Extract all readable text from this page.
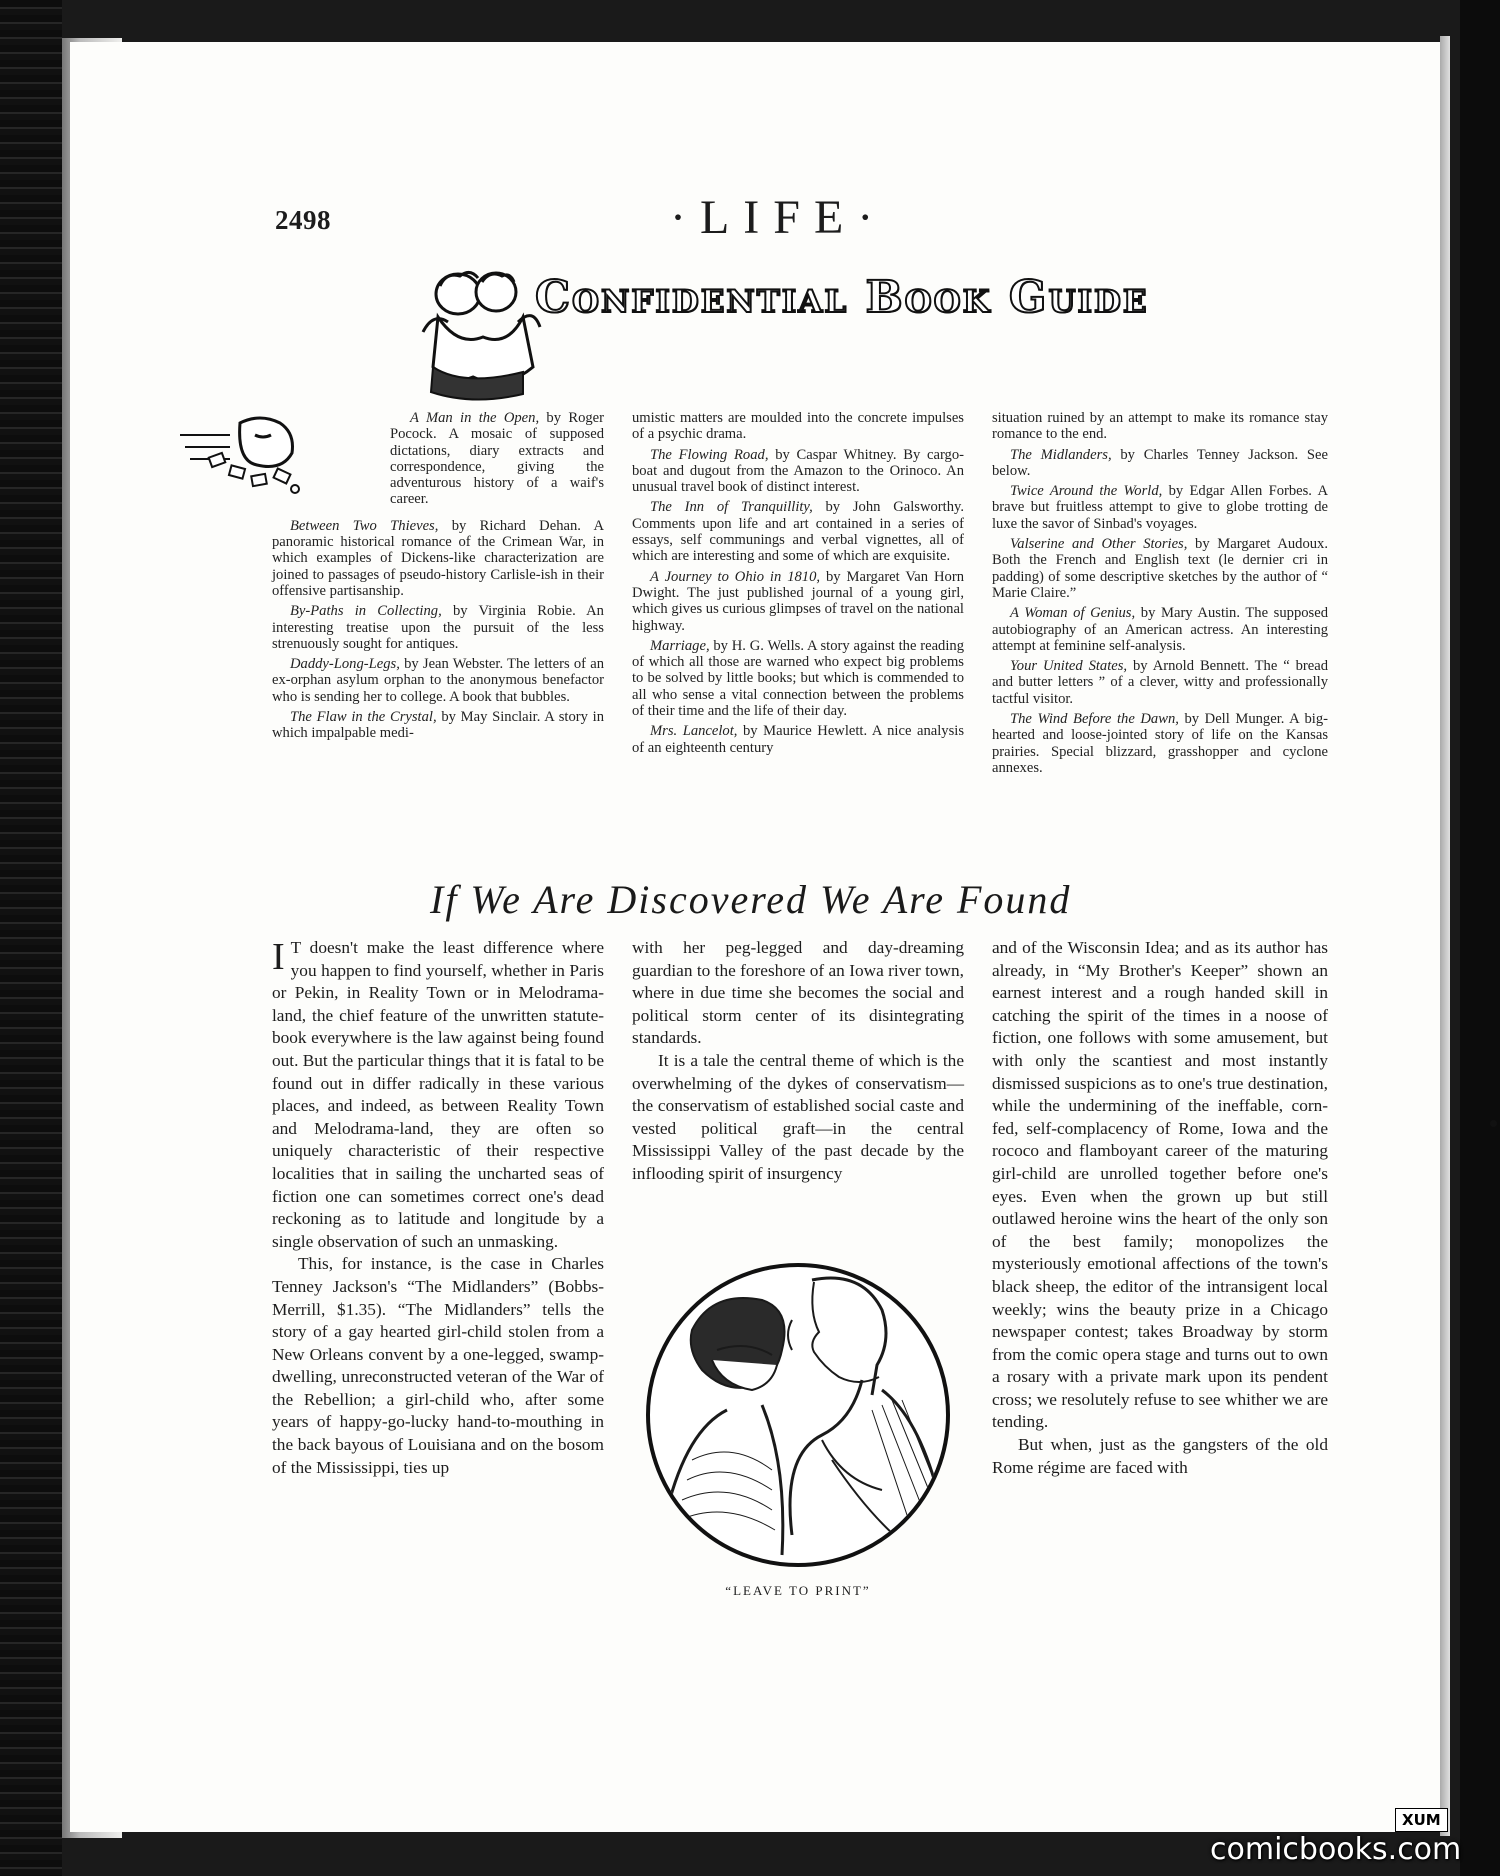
2498	·LIFE·
Confidential Book Guide

A Man in the Open, by Roger Pocock. A mosaic of supposed dictations, diary extracts and correspondence, giving the adventurous history of a waif's career.

Between Two Thieves, by Richard Dehan. A panoramic historical romance of the Crimean War, in which examples of Dickens-like characterization are joined to passages of pseudo-history Carlisle-ish in their offensive partisanship.

By-Paths in Collecting, by Virginia Robie. An interesting treatise upon the pursuit of the less strenuously sought for antiques.

Daddy-Long-Legs, by Jean Webster. The letters of an ex-orphan asylum orphan to the anonymous benefactor who is sending her to college. A book that bubbles.

The Flaw in the Crystal, by May Sinclair. A story in which impalpable medi-

umistic matters are moulded into the concrete impulses of a psychic drama.

The Flowing Road, by Caspar Whitney. By cargo-boat and dugout from the Amazon to the Orinoco. An unusual travel book of distinct interest.

The Inn of Tranquillity, by John Galsworthy. Comments upon life and art contained in a series of essays, self communings and verbal vignettes, all of which are interesting and some of which are exquisite.

A Journey to Ohio in 1810, by Margaret Van Horn Dwight. The just published journal of a young girl, which gives us curious glimpses of travel on the national highway.

Marriage, by H. G. Wells. A story against the reading of which all those are warned who expect big problems to be solved by little books; but which is commended to all who sense a vital connection between the problems of their time and the life of their day.

Mrs. Lancelot, by Maurice Hewlett. A nice analysis of an eighteenth century

situation ruined by an attempt to make its romance stay romance to the end.

The Midlanders, by Charles Tenney Jackson. See below.

Twice Around the World, by Edgar Allen Forbes. A brave but fruitless attempt to give to globe trotting de luxe the savor of Sinbad's voyages.

Valserine and Other Stories, by Margaret Audoux. Both the French and English text (le dernier cri in padding) of some descriptive sketches by the author of “ Marie Claire.”

A Woman of Genius, by Mary Austin. The supposed autobiography of an American actress. An interesting attempt at feminine self-analysis.

Your United States, by Arnold Bennett. The “ bread and butter letters ” of a clever, witty and professionally tactful visitor.

The Wind Before the Dawn, by Dell Munger. A big-hearted and loose-jointed story of life on the Kansas prairies. Special blizzard, grasshopper and cyclone annexes.

If We Are Discovered We Are Found

I T doesn't make the least difference where you happen to find yourself, whether in Paris or Pekin, in Reality Town or in Melodrama-land, the chief feature of the unwritten statute-book everywhere is the law against being found out. But the particular things that it is fatal to be found out in differ radically in these various places, and indeed, as between Reality Town and Melodrama-land, they are often so uniquely characteristic of their respective localities that in sailing the uncharted seas of fiction one can sometimes correct one's dead reckoning as to latitude and longitude by a single observation of such an unmasking.

This, for instance, is the case in Charles Tenney Jackson's “The Midlanders” (Bobbs-Merrill, $1.35). “The Midlanders” tells the story of a gay hearted girl-child stolen from a New Orleans convent by a one-legged, swamp-dwelling, unreconstructed veteran of the War of the Rebellion; a girl-child who, after some years of happy-go-lucky hand-to-mouthing in the back bayous of Louisiana and on the bosom of the Mississippi, ties up

with her peg-legged and day-dreaming guardian to the foreshore of an Iowa river town, where in due time she becomes the social and political storm center of its disintegrating standards.

It is a tale the central theme of which is the overwhelming of the dykes of conservatism—the conservatism of established social caste and vested political graft—in the central Mississippi Valley of the past decade by the inflooding spirit of insurgency

and of the Wisconsin Idea; and as its author has already, in “My Brother's Keeper” shown an earnest interest and a rough handed skill in catching the spirit of the times in a noose of fiction, one follows with some amusement, but with only the scantiest and most instantly dismissed suspicions as to one's true destination, while the undermining of the ineffable, corn-fed, self-complacency of Rome, Iowa and the rococo and flamboyant career of the maturing girl-child are unrolled together before one's eyes. Even when the grown up but still outlawed heroine wins the heart of the only son of the best family; monopolizes the mysteriously emotional affections of the town's black sheep, the editor of the intransigent local weekly; wins the beauty prize in a Chicago newspaper contest; takes Broadway by storm from the comic opera stage and turns out to own a rosary with a private mark upon its pendent cross; we resolutely refuse to see whither we are tending.

But when, just as the gangsters of the old Rome régime are faced with

“LEAVE TO PRINT”
XUM
comicbooks.com
